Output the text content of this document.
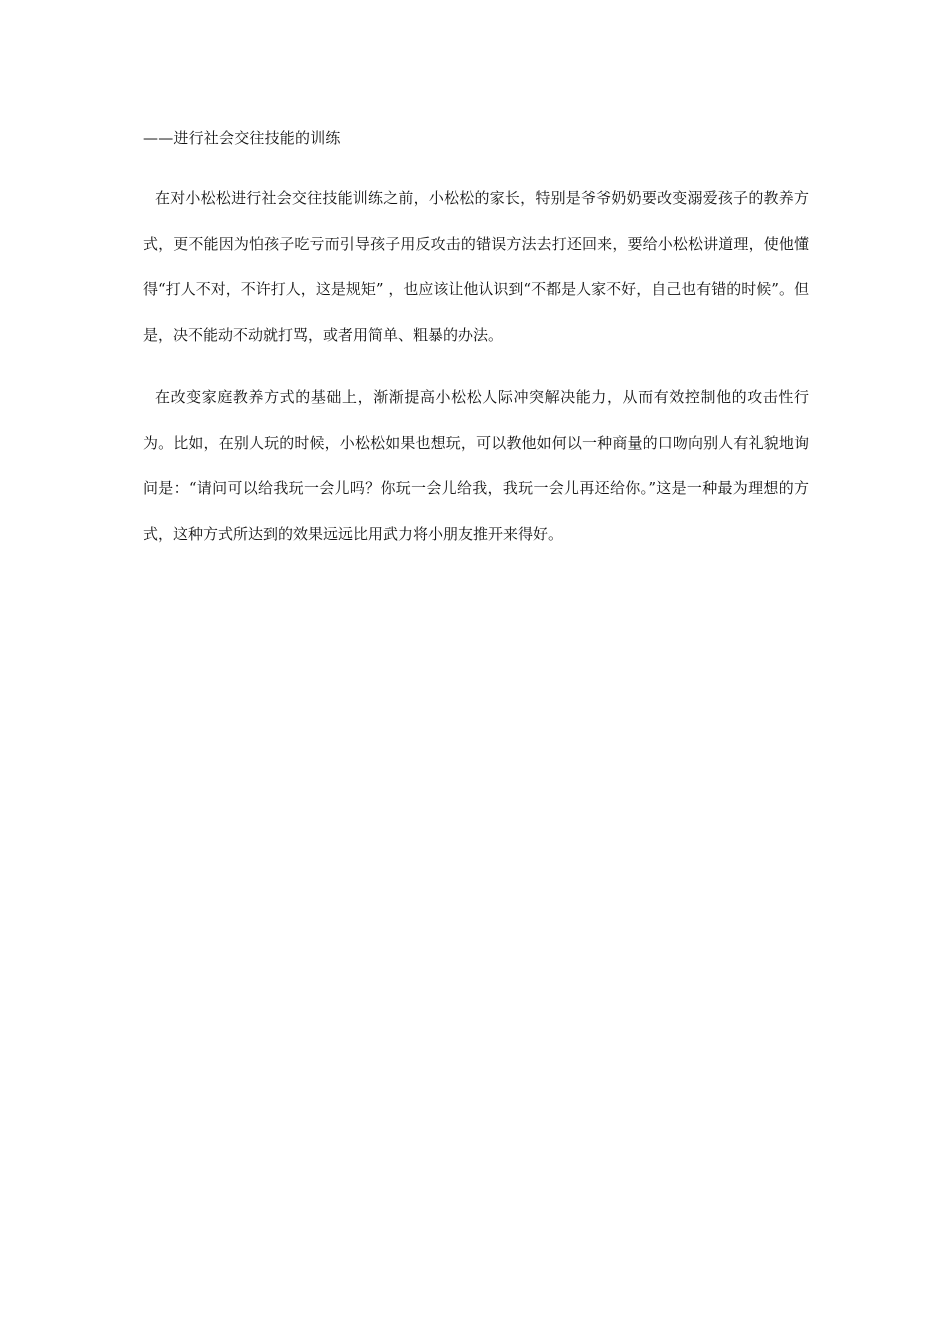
——进行社会交往技能的训练

在对小松松进行社会交往技能训练之前，小松松的家长，特别是爷爷奶奶要改变溺爱孩子的教养方式，更不能因为怕孩子吃亏而引导孩子用反攻击的错误方法去打还回来，要给小松松讲道理，使他懂得“打人不对，不许打人，这是规矩” ，也应该让他认识到“不都是人家不好，自己也有错的时候”。但是，决不能动不动就打骂，或者用简单、粗暴的办法。

在改变家庭教养方式的基础上，渐渐提高小松松人际冲突解决能力，从而有效控制他的攻击性行为。比如，在别人玩的时候，小松松如果也想玩，可以教他如何以一种商量的口吻向别人有礼貌地询问是：“请问可以给我玩一会儿吗？你玩一会儿给我，我玩一会儿再还给你。”这是一种最为理想的方式，这种方式所达到的效果远远比用武力将小朋友推开来得好。
